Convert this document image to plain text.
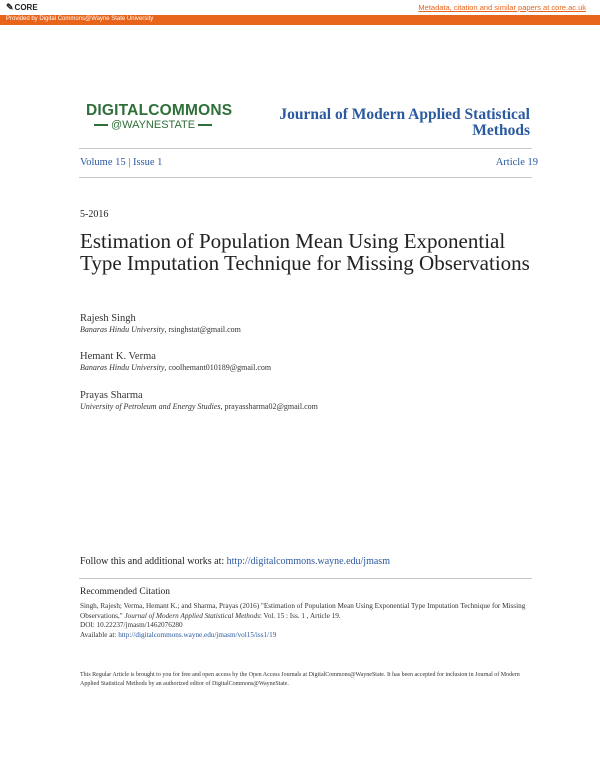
✎CORE	Metadata, citation and similar papers at core.ac.uk
Provided by Digital Commons@Wayne State University
DIGITALCOMMONS
@WAYNESTATE
Journal of Modern Applied Statistical Methods
Volume 15 | Issue 1	Article 19
5-2016
Estimation of Population Mean Using Exponential Type Imputation Technique for Missing Observations
Rajesh Singh
Banaras Hindu University, rsinghstat@gmail.com
Hemant K. Verma
Banaras Hindu University, coolhemant010189@gmail.com
Prayas Sharma
University of Petroleum and Energy Studies, prayassharma02@gmail.com
Follow this and additional works at: http://digitalcommons.wayne.edu/jmasm
Recommended Citation
Singh, Rajesh; Verma, Hemant K.; and Sharma, Prayas (2016) "Estimation of Population Mean Using Exponential Type Imputation Technique for Missing Observations," Journal of Modern Applied Statistical Methods: Vol. 15 : Iss. 1 , Article 19.
DOI: 10.22237/jmasm/1462076280
Available at: http://digitalcommons.wayne.edu/jmasm/vol15/iss1/19
This Regular Article is brought to you for free and open access by the Open Access Journals at DigitalCommons@WayneState. It has been accepted for inclusion in Journal of Modern Applied Statistical Methods by an authorized editor of DigitalCommons@WayneState.
